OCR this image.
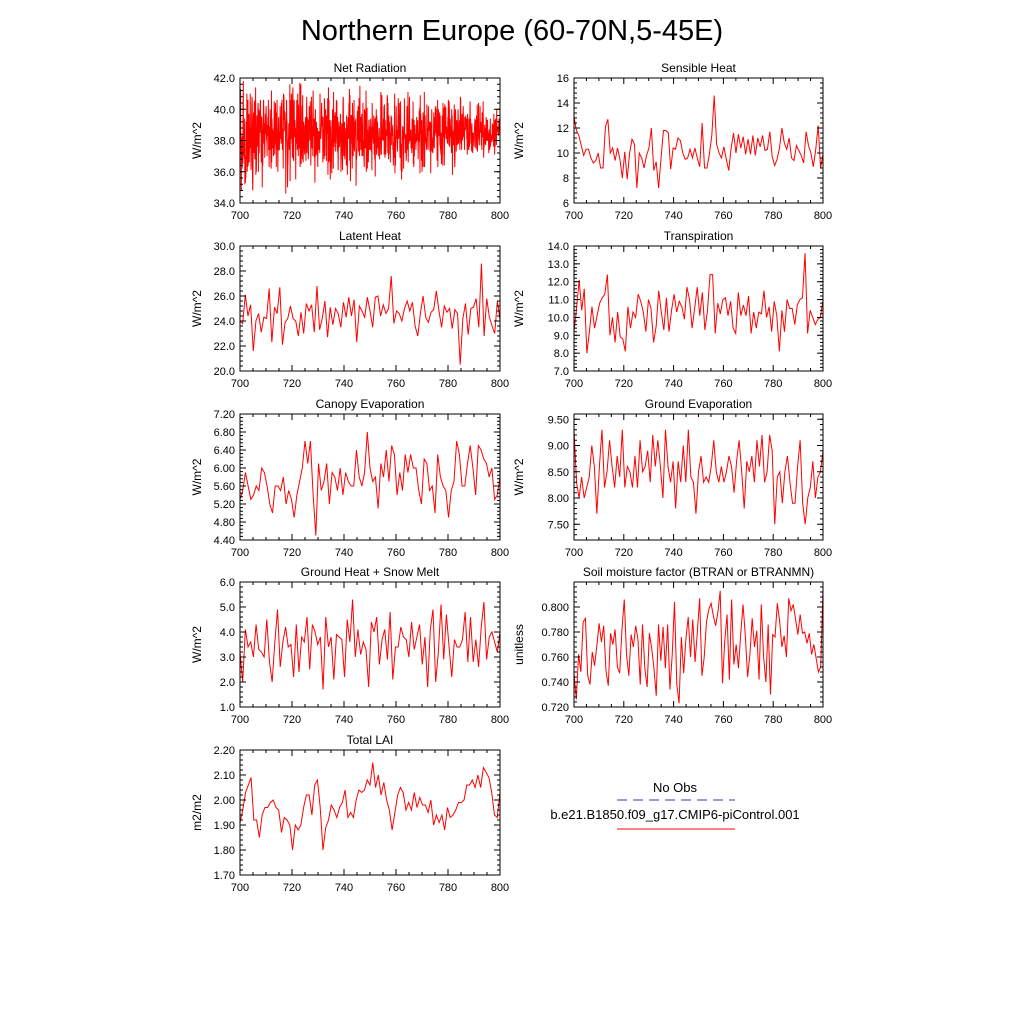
Northern Europe (60-70N,5-45E)
Net Radiation
W/m^2
700	720	740	760	780	800
34.0
36.0
38.0
40.0
42.0
Sensible Heat
W/m^2
700	720	740	760	780	800
6
8
10
12
14
16
Latent Heat
W/m^2
700	720	740	760	780	800
20.0
22.0
24.0
26.0
28.0
30.0
Transpiration
W/m^2
700	720	740	760	780	800
7.0
8.0
9.0
10.0
11.0
12.0
13.0
14.0
Canopy Evaporation
W/m^2
700	720	740	760	780	800
4.40
4.80
5.20
5.60
6.00
6.40
6.80
7.20
Ground Evaporation
W/m^2
700	720	740	760	780	800
7.50
8.00
8.50
9.00
9.50
Ground Heat + Snow Melt
W/m^2
700	720	740	760	780	800
1.0
2.0
3.0
4.0
5.0
6.0
Soil moisture factor (BTRAN or BTRANMN)
unitless
700	720	740	760	780	800
0.720
0.740
0.760
0.780
0.800
Total LAI
m2/m2
700	720	740	760	780	800
1.70
1.80
1.90
2.00
2.10
2.20
No Obs
b.e21.B1850.f09_g17.CMIP6-piControl.001
